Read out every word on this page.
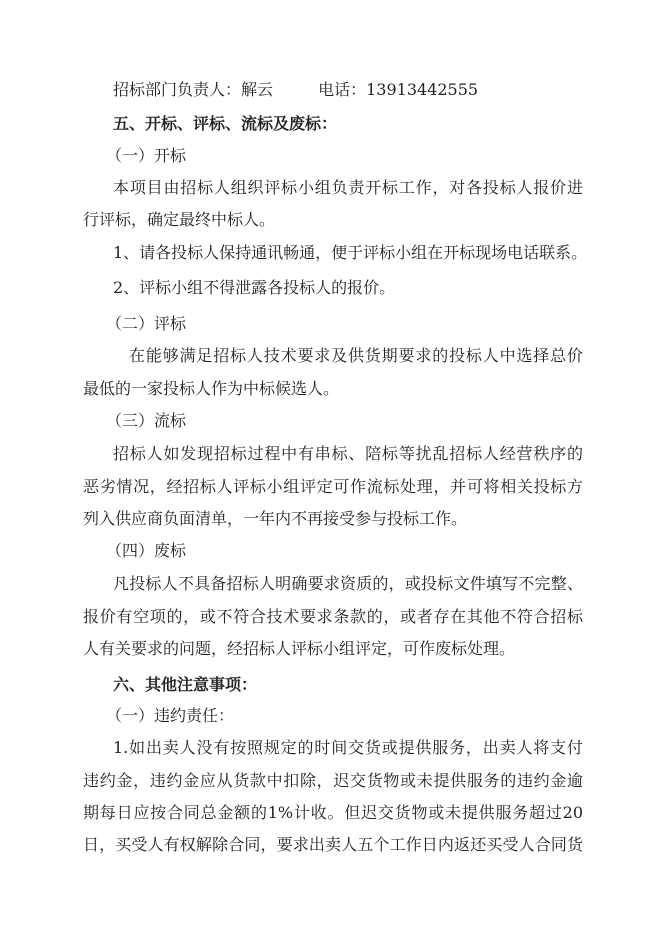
招标部门负责人：解云	电话：13913442555
五、开标、评标、流标及废标：
（一）开标
本项目由招标人组织评标小组负责开标工作，对各投标人报价进
行评标，确定最终中标人。
1、请各投标人保持通讯畅通，便于评标小组在开标现场电话联系。
2、评标小组不得泄露各投标人的报价。
（二）评标
在能够满足招标人技术要求及供货期要求的投标人中选择总价
最低的一家投标人作为中标候选人。
（三）流标
招标人如发现招标过程中有串标、陪标等扰乱招标人经营秩序的
恶劣情况，经招标人评标小组评定可作流标处理，并可将相关投标方
列入供应商负面清单，一年内不再接受参与投标工作。
（四）废标
凡投标人不具备招标人明确要求资质的，或投标文件填写不完整、
报价有空项的，或不符合技术要求条款的，或者存在其他不符合招标
人有关要求的问题，经招标人评标小组评定，可作废标处理。
六、其他注意事项：
（一）违约责任：
1.如出卖人没有按照规定的时间交货或提供服务，出卖人将支付
违约金，违约金应从货款中扣除，迟交货物或未提供服务的违约金逾
期每日应按合同总金额的1%计收。但迟交货物或未提供服务超过20
日，买受人有权解除合同，要求出卖人五个工作日内返还买受人合同货
